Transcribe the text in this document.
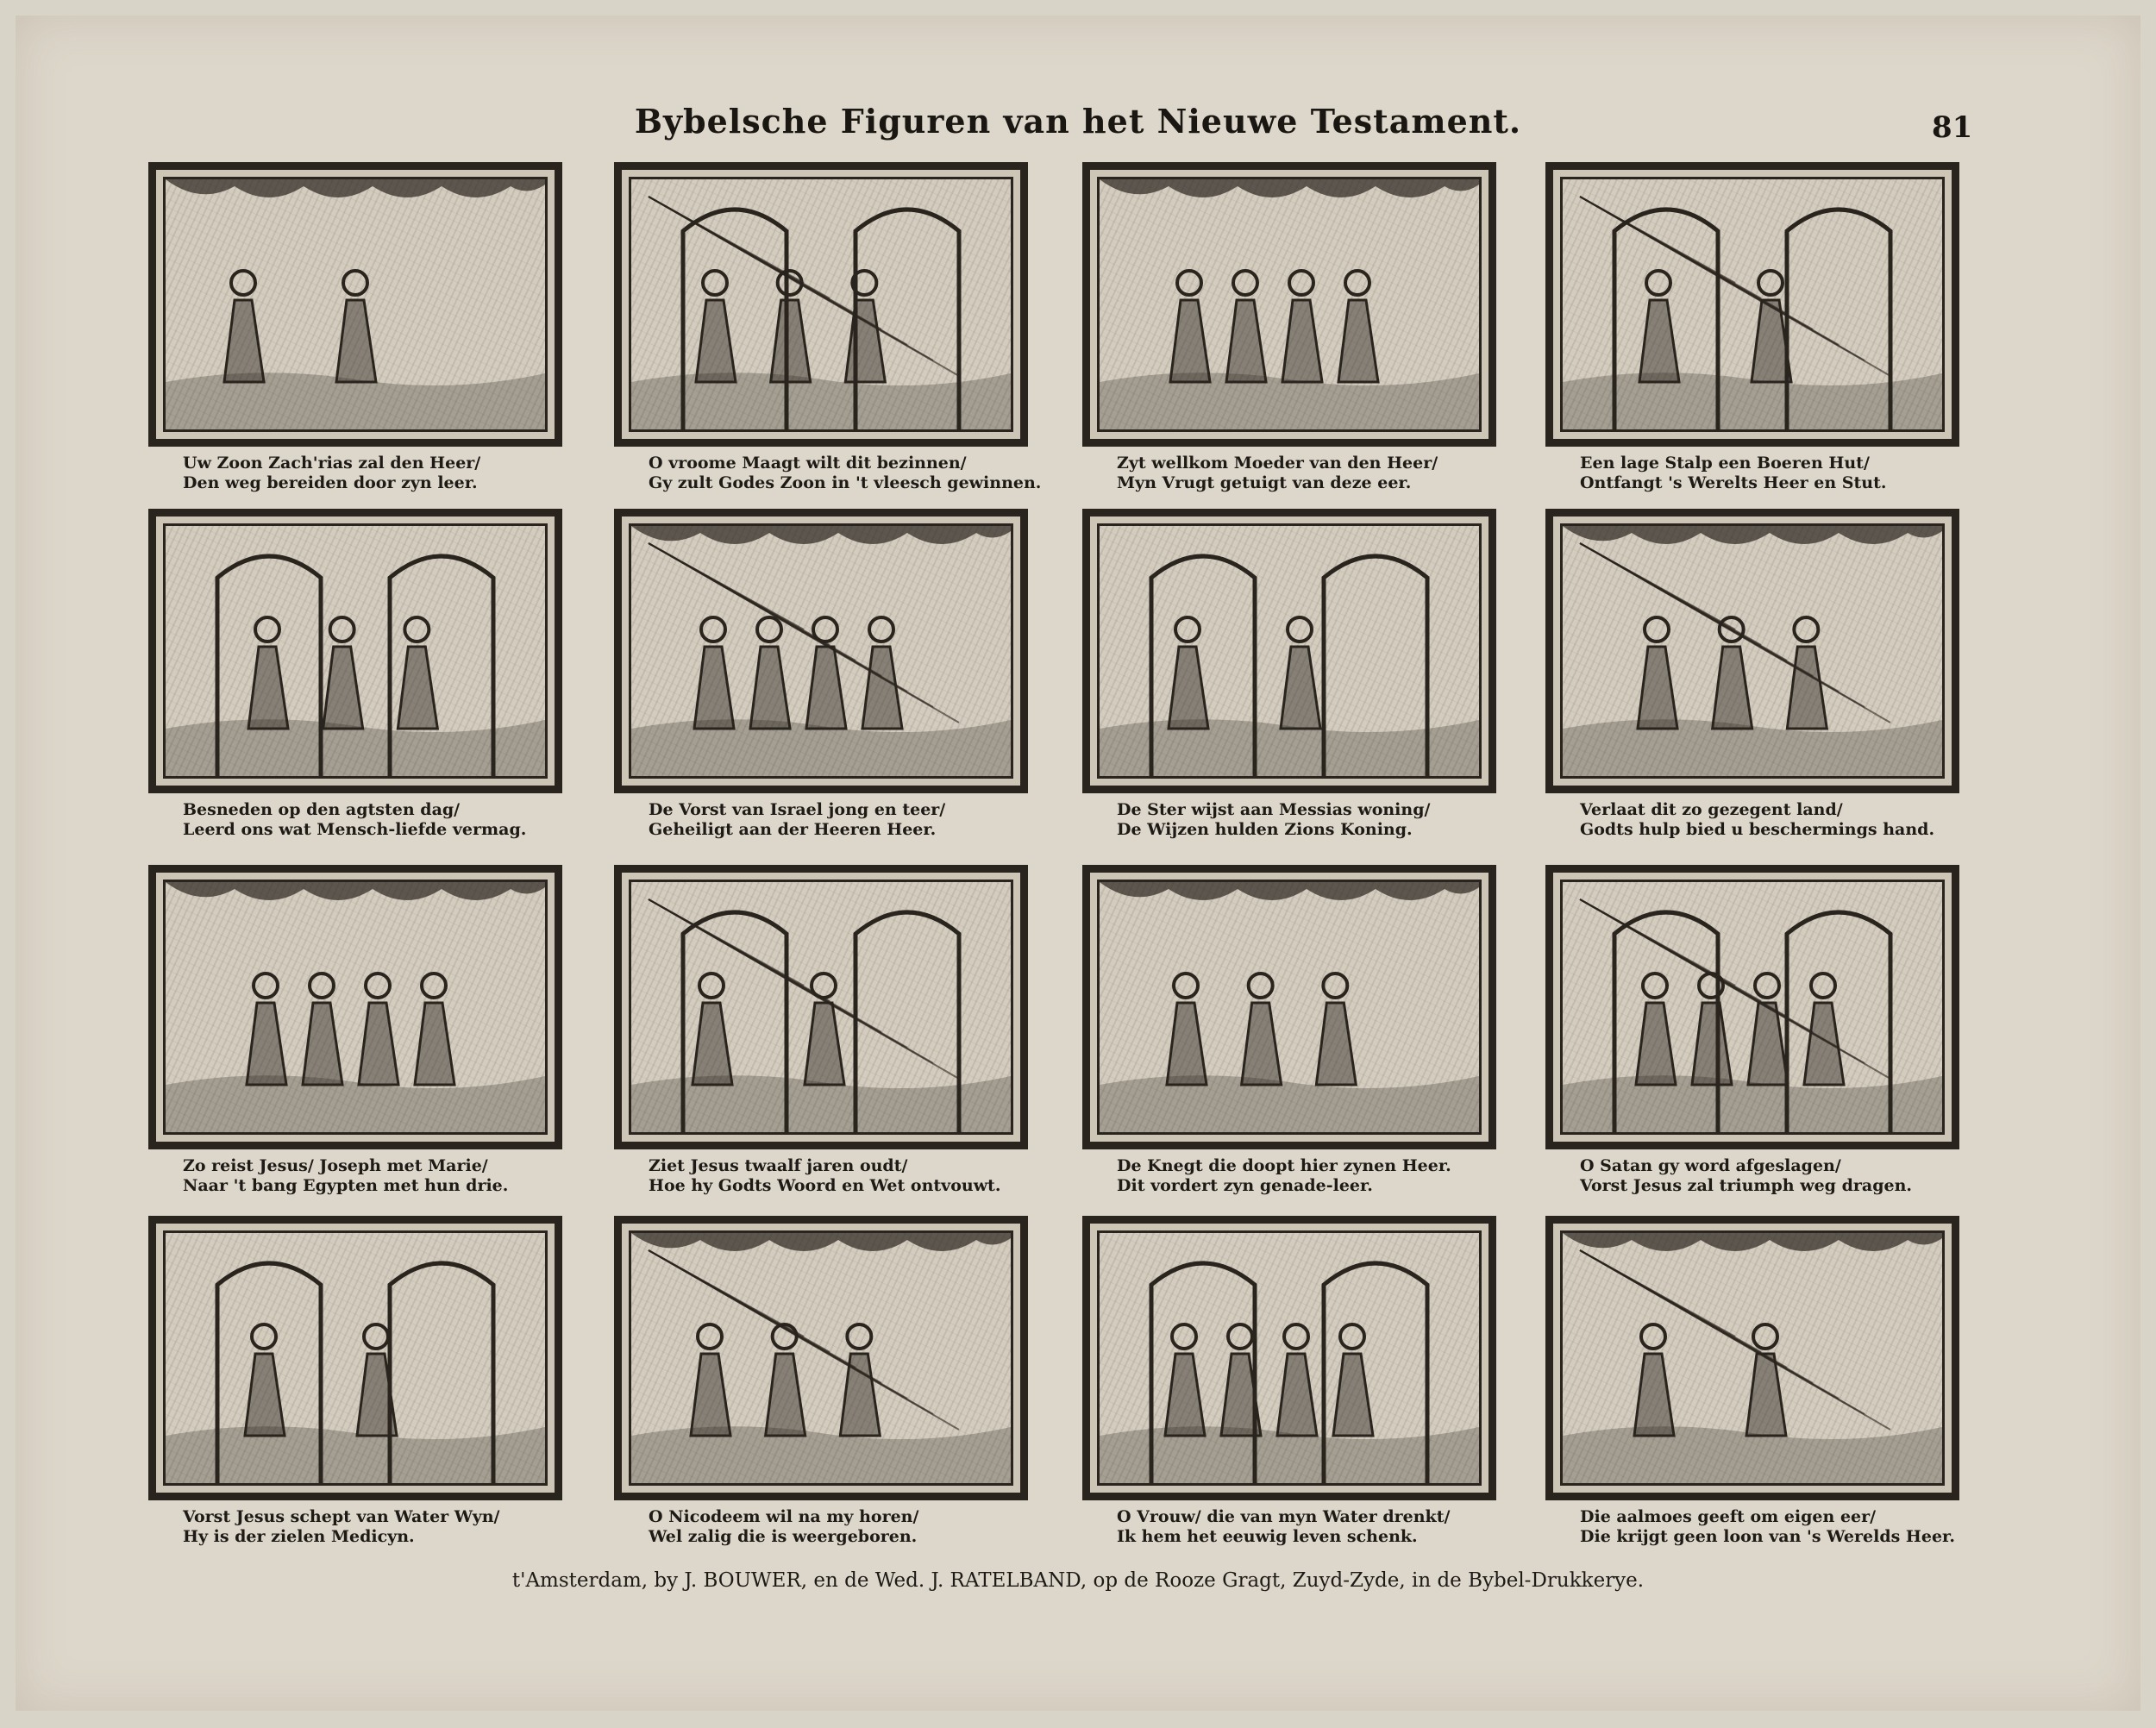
Bybelsche Figuren van het Nieuwe Testament.	81
Uw Zoon Zach'rias zal den Heer/
Den weg bereiden door zyn leer.
O vroome Maagt wilt dit bezinnen/
Gy zult Godes Zoon in 't vleesch gewinnen.
Zyt wellkom Moeder van den Heer/
Myn Vrugt getuigt van deze eer.
Een lage Stalp een Boeren Hut/
Ontfangt 's Werelts Heer en Stut.
Besneden op den agtsten dag/
Leerd ons wat Mensch-liefde vermag.
De Vorst van Israel jong en teer/
Geheiligt aan der Heeren Heer.
De Ster wijst aan Messias woning/
De Wijzen hulden Zions Koning.
Verlaat dit zo gezegent land/
Godts hulp bied u beschermings hand.
Zo reist Jesus/ Joseph met Marie/
Naar 't bang Egypten met hun drie.
Ziet Jesus twaalf jaren oudt/
Hoe hy Godts Woord en Wet ontvouwt.
De Knegt die doopt hier zynen Heer.
Dit vordert zyn genade-leer.
O Satan gy word afgeslagen/
Vorst Jesus zal triumph weg dragen.
Vorst Jesus schept van Water Wyn/
Hy is der zielen Medicyn.
O Nicodeem wil na my horen/
Wel zalig die is weergeboren.
O Vrouw/ die van myn Water drenkt/
Ik hem het eeuwig leven schenk.
Die aalmoes geeft om eigen eer/
Die krijgt geen loon van 's Werelds Heer.
t'Amsterdam, by J. BOUWER, en de Wed. J. RATELBAND, op de Rooze Gragt, Zuyd-Zyde, in de Bybel-Drukkerye.
